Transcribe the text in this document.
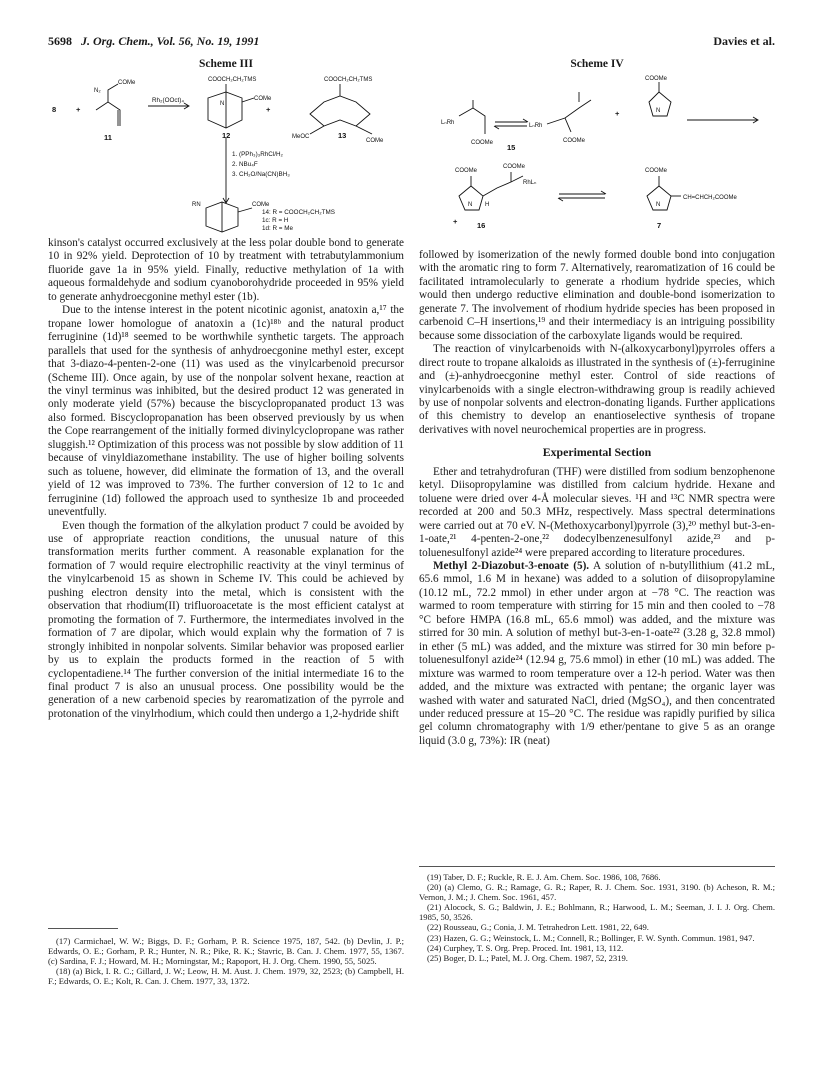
5698 J. Org. Chem., Vol. 56, No. 19, 1991	Davies et al.
Scheme III
8	+
N₂
COMe
11
Rh₂(OOct)₄
COOCH₂CH₂TMS
N
COMe
12
+
COOCH₂CH₂TMS
MeOC
COMe
13
1. (PPh₃)₃RhCl/H₂
2. NBu₄F
3. CH₂O/Na(CN)BH₃
RN	COMe
14: R = COOCH₂CH₂TMS
1c: R = H
1d: R = Me

kinson's catalyst occurred exclusively at the less polar double bond to generate 10 in 92% yield. Deprotection of 10 by treatment with tetrabutylammonium fluoride gave 1a in 95% yield. Finally, reductive methylation of 1a with aqueous formaldehyde and sodium cyanoborohydride proceeded in 95% yield to generate anhydroecgonine methyl ester (1b).

Due to the intense interest in the potent nicotinic agonist, anatoxin a,¹⁷ the tropane lower homologue of anatoxin a (1c)¹⁸ᵇ and the natural product ferruginine (1d)¹⁸ seemed to be worthwhile synthetic targets. The approach parallels that used for the synthesis of anhydroecgonine methyl ester, except that 3-diazo-4-penten-2-one (11) was used as the vinylcarbenoid precursor (Scheme III). Once again, by use of the nonpolar solvent hexane, reaction at the vinyl terminus was inhibited, but the desired product 12 was generated in only moderate yield (57%) because the biscyclopropanated product 13 was also formed. Biscyclopropanation has been observed previously by us when the Cope rearrangement of the initially formed divinylcyclopropane was rather sluggish.¹² Optimization of this process was not possible by slow addition of 11 because of vinyldiazomethane instability. The use of higher boiling solvents such as toluene, however, did eliminate the formation of 13, and the overall yield of 12 was improved to 73%. The further conversion of 12 to 1c and ferruginine (1d) followed the approach used to synthesize 1b and proceeded uneventfully.

Even though the formation of the alkylation product 7 could be avoided by use of appropriate reaction conditions, the unusual nature of this transformation merits further comment. A reasonable explanation for the formation of 7 would require electrophilic reactivity at the vinyl terminus of the vinylcarbenoid 15 as shown in Scheme IV. This could be achieved by pushing electron density into the metal, which is consistent with the observation that rhodium(II) trifluoroacetate is the most efficient catalyst at promoting the formation of 7. Furthermore, the intermediates involved in the formation of 7 are dipolar, which would explain why the formation of 7 is strongly inhibited in nonpolar solvents. Similar behavior was proposed earlier by us to explain the products formed in the reaction of 5 with cyclopentadiene.¹⁴ The further conversion of the initial intermediate 16 to the final product 7 is also an unusual process. One possibility would be the generation of a new carbenoid species by rearomatization of the pyrrole and protonation of the vinylrhodium, which could then undergo a 1,2-hydride shift

(17) Carmichael, W. W.; Biggs, D. F.; Gorham, P. R. Science 1975, 187, 542. (b) Devlin, J. P.; Edwards, O. E.; Gorham, P. R.; Hunter, N. R.; Pike, R. K.; Stavric, B. Can. J. Chem. 1977, 55, 1367. (c) Sardina, F. J.; Howard, M. H.; Morningstar, M.; Rapoport, H. J. Org. Chem. 1990, 55, 5025.
(18) (a) Bick, I. R. C.; Gillard, J. W.; Leow, H. M. Aust. J. Chem. 1979, 32, 2523; (b) Campbell, H. F.; Edwards, O. E.; Kolt, R. Can. J. Chem. 1977, 33, 1372.
Scheme IV
COOMe
N
+
LₙRh
COOMe
LₙRh
COOMe
15
COOMe
N H
COOMe
RhLₙ
+	16
COOMe
N
CH=CHCH₂COOMe
7

followed by isomerization of the newly formed double bond into conjugation with the aromatic ring to form 7. Alternatively, rearomatization of 16 could be facilitated intramolecularly to generate a rhodium hydride species, which would then undergo reductive elimination and double-bond isomerization to generate 7. The involvement of rhodium hydride species has been proposed in carbenoid C–H insertions,¹⁹ and their intermediacy is an intriguing possibility because some dissociation of the carboxylate ligands would be required.

The reaction of vinylcarbenoids with N-(alkoxycarbonyl)pyrroles offers a direct route to tropane alkaloids as illustrated in the synthesis of (±)-ferruginine and (±)-anhydroecgonine methyl ester. Control of side reactions of vinylcarbenoids with a single electron-withdrawing group is readily achieved by use of nonpolar solvents and electron-donating ligands. Further applications of this chemistry to develop an enantioselective synthesis of tropane derivatives with novel neurochemical properties are in progress.

Experimental Section

Ether and tetrahydrofuran (THF) were distilled from sodium benzophenone ketyl. Diisopropylamine was distilled from calcium hydride. Hexane and toluene were dried over 4-Å molecular sieves. ¹H and ¹³C NMR spectra were recorded at 200 and 50.3 MHz, respectively. Mass spectral determinations were carried out at 70 eV. N-(Methoxycarbonyl)pyrrole (3),²⁰ methyl but-3-en-1-oate,²¹ 4-penten-2-one,²² dodecylbenzenesulfonyl azide,²³ and p-toluenesulfonyl azide²⁴ were prepared according to literature procedures.

Methyl 2-Diazobut-3-enoate (5). A solution of n-butyllithium (41.2 mL, 65.6 mmol, 1.6 M in hexane) was added to a solution of diisopropylamine (10.12 mL, 72.2 mmol) in ether under argon at −78 °C. The reaction was warmed to room temperature with stirring for 15 min and then cooled to −78 °C before HMPA (16.8 mL, 65.6 mmol) was added, and the mixture was stirred for 30 min. A solution of methyl but-3-en-1-oate²² (3.28 g, 32.8 mmol) in ether (5 mL) was added, and the mixture was stirred for 30 min before p-toluenesulfonyl azide²⁴ (12.94 g, 75.6 mmol) in ether (10 mL) was added. The mixture was warmed to room temperature over a 12-h period. Water was then added, and the mixture was extracted with pentane; the organic layer was washed with water and saturated NaCl, dried (MgSO₄), and then concentrated under reduced pressure at 15–20 °C. The residue was rapidly purified by silica gel column chromatography with 1/9 ether/pentane to give 5 as an orange liquid (3.0 g, 73%): IR (neat)

(19) Taber, D. F.; Ruckle, R. E. J. Am. Chem. Soc. 1986, 108, 7686.
(20) (a) Clemo, G. R.; Ramage, G. R.; Raper, R. J. Chem. Soc. 1931, 3190. (b) Acheson, R. M.; Vernon, J. M.; J. Chem. Soc. 1961, 457.
(21) Alocock, S. G.; Baldwin, J. E.; Bohlmann, R.; Harwood, L. M.; Seeman, J. I. J. Org. Chem. 1985, 50, 3526.
(22) Rousseau, G.; Conia, J. M. Tetrahedron Lett. 1981, 22, 649.
(23) Hazen, G. G.; Weinstock, L. M.; Connell, R.; Bollinger, F. W. Synth. Commun. 1981, 947.
(24) Curphey, T. S. Org. Prep. Proced. Int. 1981, 13, 112.
(25) Boger, D. L.; Patel, M. J. Org. Chem. 1987, 52, 2319.
